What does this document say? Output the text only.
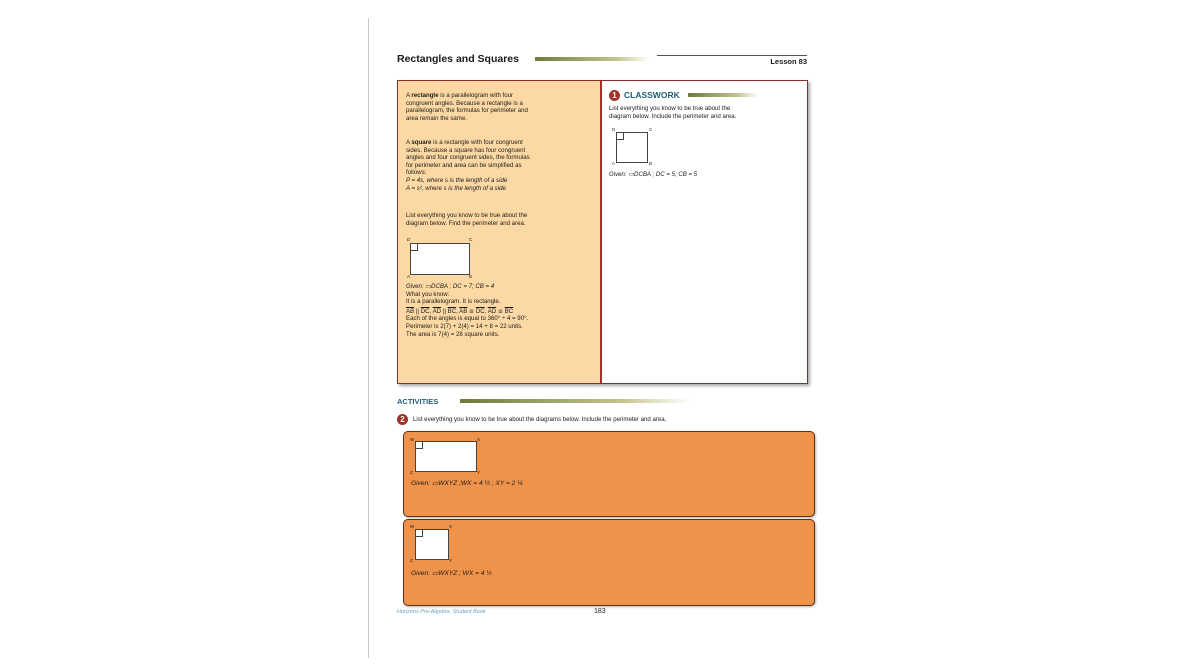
Rectangles and Squares	Lesson 83
A rectangle is a parallelogram with four
congruent angles. Because a rectangle is a
parallelogram, the formulas for perimeter and
area remain the same.
A square is a rectangle with four congruent
sides. Because a square has four congruent
angles and four congruent sides, the formulas
for perimeter and area can be simplified as
follows:
P = 4s, where s is the length of a side
A = s², where s is the length of a side
List everything you know to be true about the
diagram below. Find the perimeter and area.
D	C
A	B
Given: ▭DCBA ; DC = 7; CB = 4
What you know:
It is a parallelogram. It is rectangle.
$\overline{AB}$ || $\overline{DC}$, $\overline{AD}$ || $\overline{BC}$, $\overline{AB}$ ≅ $\overline{DC}$, $\overline{AD}$ ≅ $\overline{BC}$
Each of the angles is equal to 360° ÷ 4 = 90°.
Perimeter is 2(7) + 2(4) = 14 + 8 = 22 units.
The area is 7(4) = 28 square units.
1 CLASSWORK
List everything you know to be true about the
diagram below. Include the perimeter and area.
D	C
A	B
Given: ▭DCBA ; DC = 5; CB = 5
ACTIVITIES
2	List everything you know to be true about the diagrams below. Include the perimeter and area.
W	X
Z	Y
Given: ▭WXYZ ;WX = 4 ½ ; XY = 2 ¼
W	X
Z	Y
Given: ▭WXYZ ; WX = 4 ½
Horizons Pre-Algebra, Student Book	183
